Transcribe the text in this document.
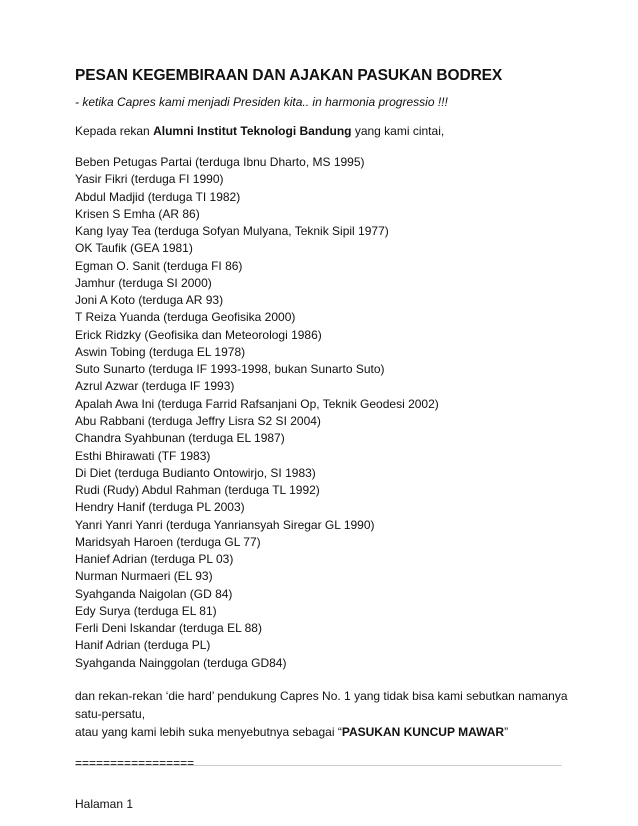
PESAN KEGEMBIRAAN DAN AJAKAN PASUKAN BODREX

- ketika Capres kami menjadi Presiden kita.. in harmonia progressio !!!

Kepada rekan Alumni Institut Teknologi Bandung yang kami cintai,

Beben Petugas Partai (terduga Ibnu Dharto, MS 1995)
Yasir Fikri (terduga FI 1990)
Abdul Madjid (terduga TI 1982)
Krisen S Emha (AR 86)
Kang Iyay Tea (terduga Sofyan Mulyana, Teknik Sipil 1977)
OK Taufik (GEA 1981)
Egman O. Sanit (terduga FI 86)
Jamhur (terduga SI 2000)
Joni A Koto (terduga AR 93)
T Reiza Yuanda (terduga Geofisika 2000)
Erick Ridzky (Geofisika dan Meteorologi 1986)
Aswin Tobing (terduga EL 1978)
Suto Sunarto (terduga IF 1993-1998, bukan Sunarto Suto)
Azrul Azwar (terduga IF 1993)
Apalah Awa Ini (terduga Farrid Rafsanjani Op, Teknik Geodesi 2002)
Abu Rabbani (terduga Jeffry Lisra S2 SI 2004)
Chandra Syahbunan (terduga EL 1987)
Esthi Bhirawati (TF 1983)
Di Diet (terduga Budianto Ontowirjo, SI 1983)
Rudi (Rudy) Abdul Rahman (terduga TL 1992)
Hendry Hanif (terduga PL 2003)
Yanri Yanri Yanri (terduga Yanriansyah Siregar GL 1990)
Maridsyah Haroen (terduga GL 77)
Hanief Adrian (terduga PL 03)
Nurman Nurmaeri (EL 93)
Syahganda Naigolan (GD 84)
Edy Surya (terduga EL 81)
Ferli Deni Iskandar (terduga EL 88)
Hanif Adrian (terduga PL)
Syahganda Nainggolan (terduga GD84)

dan rekan-rekan ‘die hard’ pendukung Capres No. 1 yang tidak bisa kami sebutkan namanya

satu-persatu,

atau yang kami lebih suka menyebutnya sebagai “PASUKAN KUNCUP MAWAR”

=================

Halaman 1
